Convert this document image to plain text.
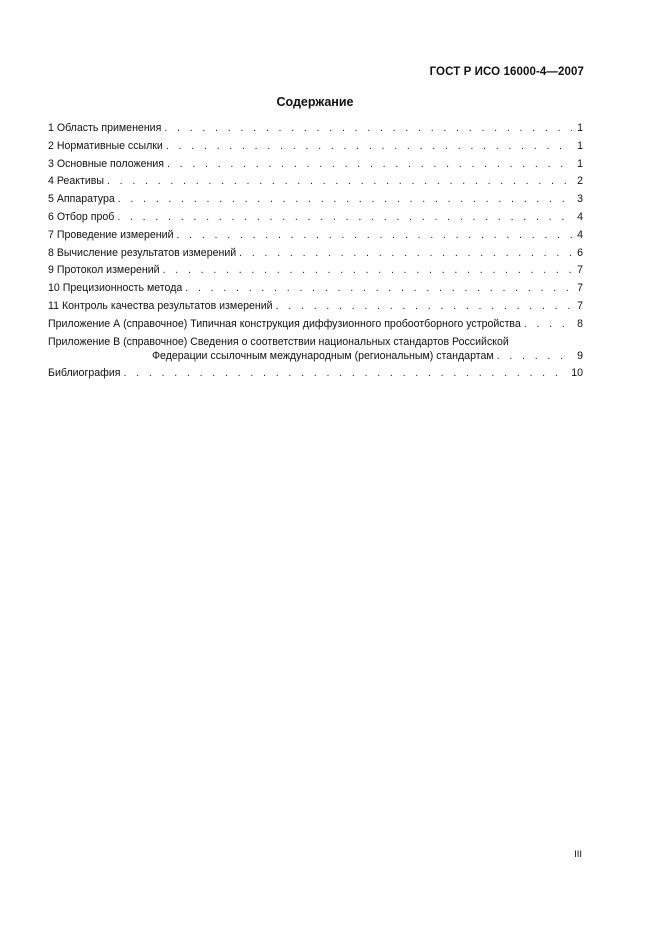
ГОСТ Р ИСО 16000-4—2007
Содержание
1 Область применения . . .	1
2 Нормативные ссылки . . .	1
3 Основные положения . . .	1
4 Реактивы . . .	2
5 Аппаратура . . .	3
6 Отбор проб . . .	4
7 Проведение измерений . . .	4
8 Вычисление результатов измерений . . .	6
9 Протокол измерений . . .	7
10 Прецизионность метода . . .	7
11 Контроль качества результатов измерений . . .	7
Приложение А (справочное) Типичная конструкция диффузионного пробоотборного устройства . . .	8
Приложение В (справочное) Сведения о соответствии национальных стандартов Российской
Федерации ссылочным международным (региональным) стандартам . . .	9
Библиография . . .	10
III
